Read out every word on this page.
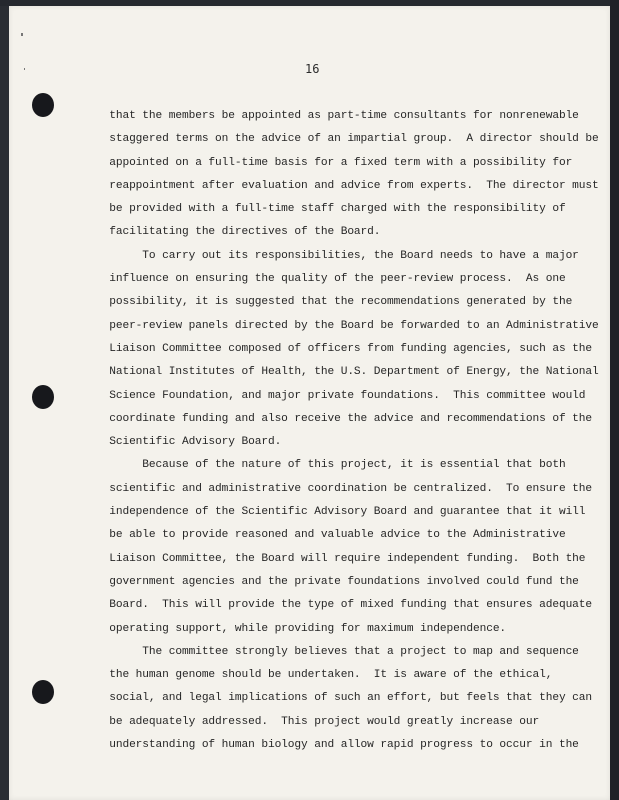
16
that the members be appointed as part-time consultants for nonrenewable
staggered terms on the advice of an impartial group.  A director should be
appointed on a full-time basis for a fixed term with a possibility for
reappointment after evaluation and advice from experts.  The director must
be provided with a full-time staff charged with the responsibility of
facilitating the directives of the Board.
To carry out its responsibilities, the Board needs to have a major
influence on ensuring the quality of the peer-review process.  As one
possibility, it is suggested that the recommendations generated by the
peer-review panels directed by the Board be forwarded to an Administrative
Liaison Committee composed of officers from funding agencies, such as the
National Institutes of Health, the U.S. Department of Energy, the National
Science Foundation, and major private foundations.  This committee would
coordinate funding and also receive the advice and recommendations of the
Scientific Advisory Board.
Because of the nature of this project, it is essential that both
scientific and administrative coordination be centralized.  To ensure the
independence of the Scientific Advisory Board and guarantee that it will
be able to provide reasoned and valuable advice to the Administrative
Liaison Committee, the Board will require independent funding.  Both the
government agencies and the private foundations involved could fund the
Board.  This will provide the type of mixed funding that ensures adequate
operating support, while providing for maximum independence.
The committee strongly believes that a project to map and sequence
the human genome should be undertaken.  It is aware of the ethical,
social, and legal implications of such an effort, but feels that they can
be adequately addressed.  This project would greatly increase our
understanding of human biology and allow rapid progress to occur in the
